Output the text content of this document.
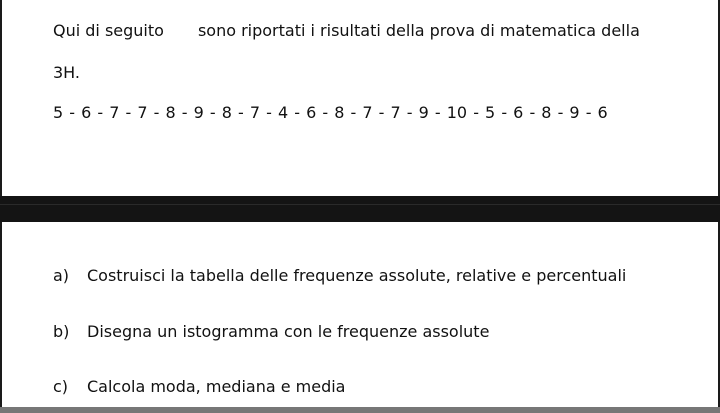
Qui di seguito sono riportati i risultati della prova di matematica della
3H.
5 - 6 - 7 - 7 - 8 - 9 - 8 - 7 - 4 - 6 - 8 - 7 - 7 - 9 - 10 - 5 - 6 - 8 - 9 - 6
a) Costruisci la tabella delle frequenze assolute, relative e percentuali
b) Disegna un istogramma con le frequenze assolute
c) Calcola moda, mediana e media
